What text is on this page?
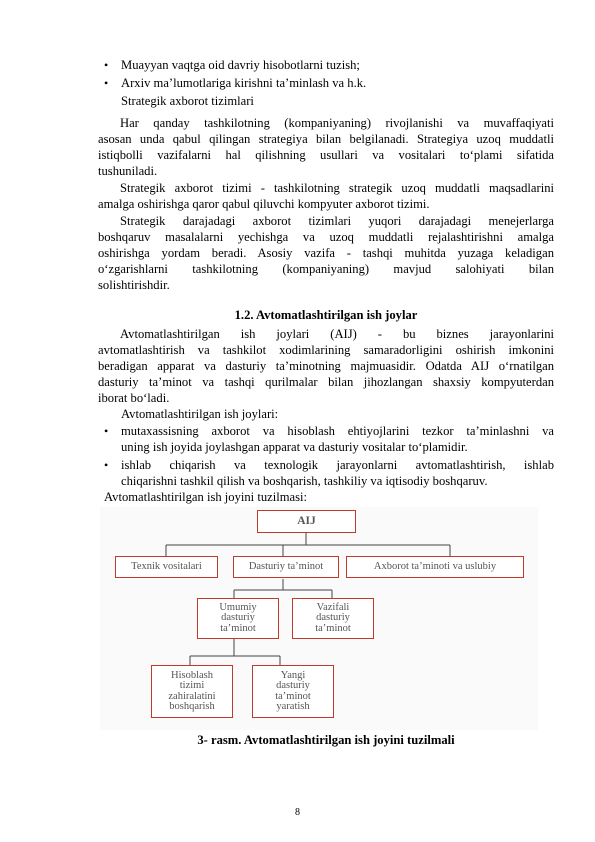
• Muayyan vaqtga oid davriy hisobotlarni tuzish;
• Arxiv ma’lumotlariga kirishni ta’minlash va h.k.
Strategik axborot tizimlari
Har qanday tashkilotning (kompaniyaning) rivojlanishi va muvaffaqiyati
asosan unda qabul qilingan strategiya bilan belgilanadi. Strategiya uzoq muddatli
istiqbolli vazifalarni hal qilishning usullari va vositalari to‘plami sifatida
tushuniladi.
Strategik axborot tizimi - tashkilotning strategik uzoq muddatli maqsadlarini
amalga oshirishga qaror qabul qiluvchi kompyuter axborot tizimi.
Strategik darajadagi axborot tizimlari yuqori darajadagi menejerlarga
boshqaruv masalalarni yechishga va uzoq muddatli rejalashtirishni amalga
oshirishga yordam beradi. Asosiy vazifa - tashqi muhitda yuzaga keladigan
o‘zgarishlarni tashkilotning (kompaniyaning) mavjud salohiyati bilan
solishtirishdir.
1.2. Avtomatlashtirilgan ish joylar
Avtomatlashtirilgan ish joylari (AIJ) - bu biznes jarayonlarini
avtomatlashtirish va tashkilot xodimlarining samaradorligini oshirish imkonini
beradigan apparat va dasturiy ta’minotning majmuasidir. Odatda AIJ o‘rnatilgan
dasturiy ta’minot va tashqi qurilmalar bilan jihozlangan shaxsiy kompyuterdan
iborat bo‘ladi.
Avtomatlashtirilgan ish joylari:
• mutaxassisning axborot va hisoblash ehtiyojlarini tezkor ta’minlashni va
uning ish joyida joylashgan apparat va dasturiy vositalar to‘plamidir.
• ishlab chiqarish va texnologik jarayonlarni avtomatlashtirish, ishlab
chiqarishni tashkil qilish va boshqarish, tashkiliy va iqtisodiy boshqaruv.
Avtomatlashtirilgan ish joyini tuzilmasi:
AIJ
Texnik vositalari	Dasturiy ta’minot	Axborot ta’minoti va uslubiy
Umumiy
dasturiy
ta’minot
Vazifali
dasturiy
ta’minot
Hisoblash
tizimi
zahiralatini
boshqarish
Yangi
dasturiy
ta’minot
yaratish
3- rasm. Avtomatlashtirilgan ish joyini tuzilmali
8
